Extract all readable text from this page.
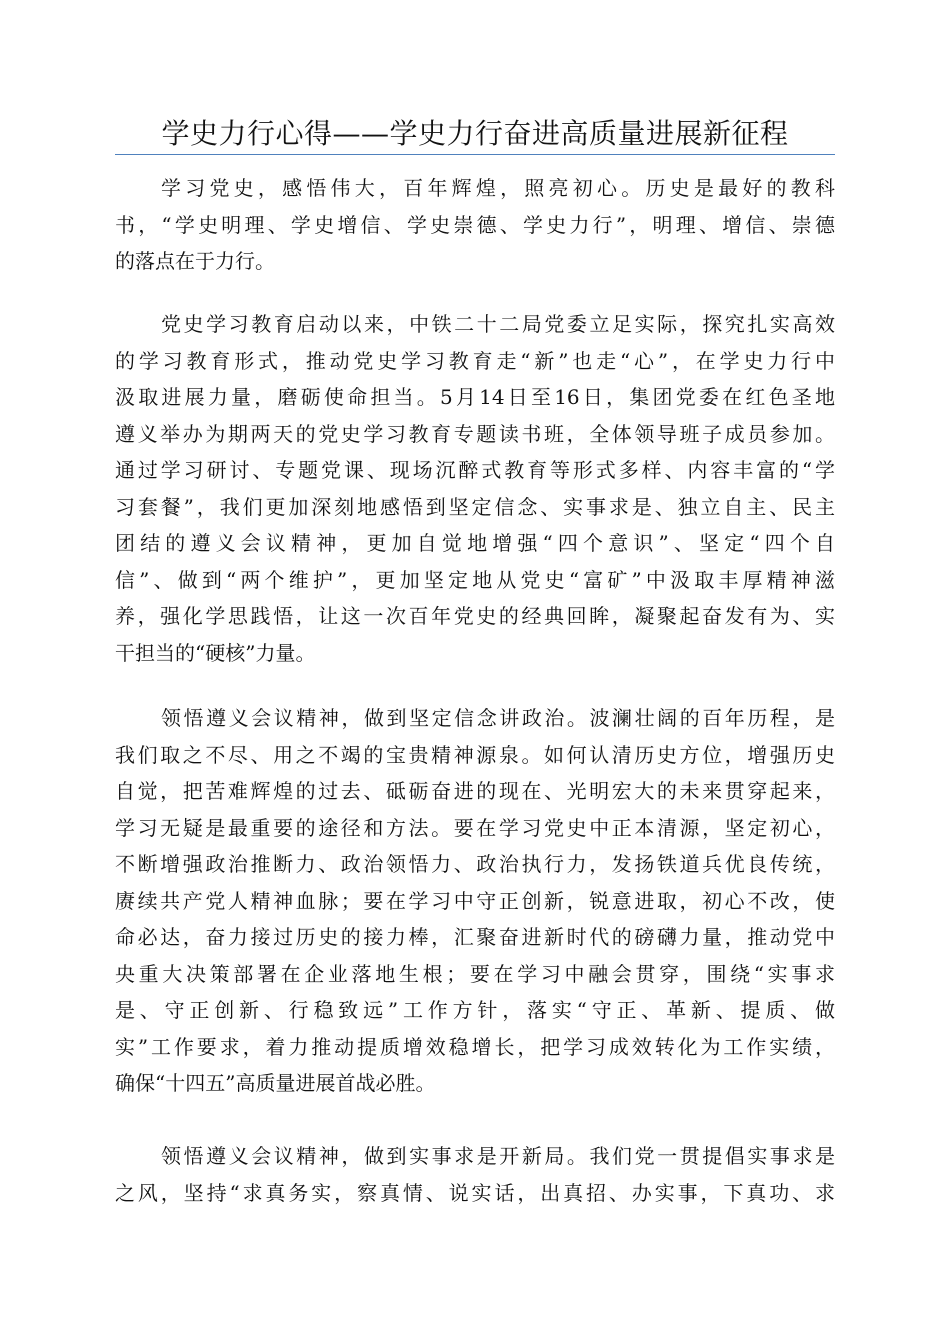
学史力行心得——学史力行奋进高质量进展新征程
学习党史，感悟伟大，百年辉煌，照亮初心。历史是最好的教科
书，“学史明理、学史增信、学史崇德、学史力行”，明理、增信、崇德
的落点在于力行。
党史学习教育启动以来，中铁二十二局党委立足实际，探究扎实高效
的学习教育形式，推动党史学习教育走“新”也走“心”，在学史力行中
汲取进展力量，磨砺使命担当。5月14日至16日，集团党委在红色圣地
遵义举办为期两天的党史学习教育专题读书班，全体领导班子成员参加。
通过学习研讨、专题党课、现场沉醉式教育等形式多样、内容丰富的“学
习套餐”，我们更加深刻地感悟到坚定信念、实事求是、独立自主、民主
团结的遵义会议精神，更加自觉地增强“四个意识”、坚定“四个自
信”、做到“两个维护”，更加坚定地从党史“富矿”中汲取丰厚精神滋
养，强化学思践悟，让这一次百年党史的经典回眸，凝聚起奋发有为、实
干担当的“硬核”力量。
领悟遵义会议精神，做到坚定信念讲政治。波澜壮阔的百年历程，是
我们取之不尽、用之不竭的宝贵精神源泉。如何认清历史方位，增强历史
自觉，把苦难辉煌的过去、砥砺奋进的现在、光明宏大的未来贯穿起来，
学习无疑是最重要的途径和方法。要在学习党史中正本清源，坚定初心，
不断增强政治推断力、政治领悟力、政治执行力，发扬铁道兵优良传统，
赓续共产党人精神血脉；要在学习中守正创新，锐意进取，初心不改，使
命必达，奋力接过历史的接力棒，汇聚奋进新时代的磅礴力量，推动党中
央重大决策部署在企业落地生根；要在学习中融会贯穿，围绕“实事求
是、守正创新、行稳致远”工作方针，落实“守正、革新、提质、做
实”工作要求，着力推动提质增效稳增长，把学习成效转化为工作实绩，
确保“十四五”高质量进展首战必胜。
领悟遵义会议精神，做到实事求是开新局。我们党一贯提倡实事求是
之风，坚持“求真务实，察真情、说实话，出真招、办实事，下真功、求
